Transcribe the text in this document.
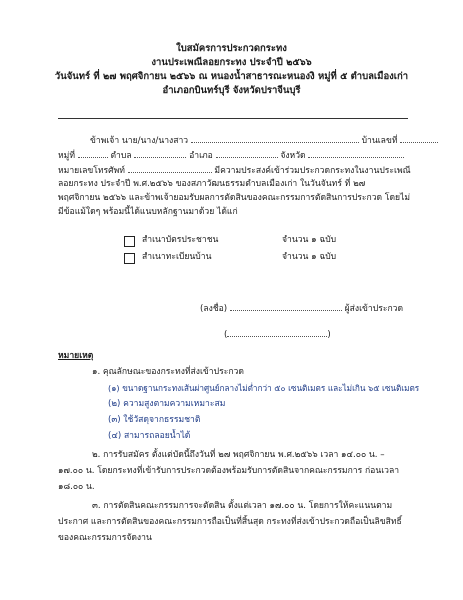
ใบสมัครการประกวดกระทง
งานประเพณีลอยกระทง ประจำปี ๒๕๖๖
วันจันทร์ ที่ ๒๗ พฤศจิกายน ๒๕๖๖ ณ หนองน้ำสาธารณะหนองงิ หมู่ที่ ๕ ตำบลเมืองเก่า
อำเภอกบินทร์บุรี จังหวัดปราจีนบุรี
ข้าพเจ้า นาย/นาง/นางสาว	บ้านเลขที่
หมู่ที่	ตำบล	อำเภอ	จังหวัด
หมายเลขโทรศัพท์	มีความประสงค์เข้าร่วมประกวดกระทงในงานประเพณี
ลอยกระทง ประจำปี พ.ศ.๒๕๖๖ ของสภาวัฒนธรรมตำบลเมืองเก่า ในวันจันทร์ ที่ ๒๗
พฤศจิกายน ๒๕๖๖ และข้าพเจ้ายอมรับผลการตัดสินของคณะกรรมการตัดสินการประกวด โดยไม่
มีข้อแม้ใดๆ พร้อมนี้ได้แนบหลักฐานมาด้วย ได้แก่
สำเนาบัตรประชาชน	จำนวน ๑ ฉบับ
สำเนาทะเบียนบ้าน	จำนวน ๑ ฉบับ
(ลงชื่อ)	ผู้ส่งเข้าประกวด
(	)
หมายเหตุ
๑. คุณลักษณะของกระทงที่ส่งเข้าประกวด
(๑) ขนาดฐานกระทงเส้นผ่าศูนย์กลางไม่ต่ำกว่า ๕๐ เซนติเมตร และไม่เกิน ๖๕ เซนติเมตร
(๒) ความสูงตามความเหมาะสม
(๓) ใช้วัสดุจากธรรมชาติ
(๔) สามารถลอยน้ำได้
๒. การรับสมัคร ตั้งแต่บัดนี้ถึงวันที่ ๒๗ พฤศจิกายน พ.ศ.๒๕๖๖ เวลา ๑๔.๐๐ น. –
๑๗.๐๐ น. โดยกระทงที่เข้ารับการประกวดต้องพร้อมรับการตัดสินจากคณะกรรมการ ก่อนเวลา
๑๘.๐๐ น.
๓. การตัดสินคณะกรรมการจะตัดสิน ตั้งแต่เวลา ๑๗.๐๐ น. โดยการให้คะแนนตาม
ประกาศ และการตัดสินของคณะกรรมการถือเป็นที่สิ้นสุด กระทงที่ส่งเข้าประกวดถือเป็นลิขสิทธิ์
ของคณะกรรมการจัดงาน
